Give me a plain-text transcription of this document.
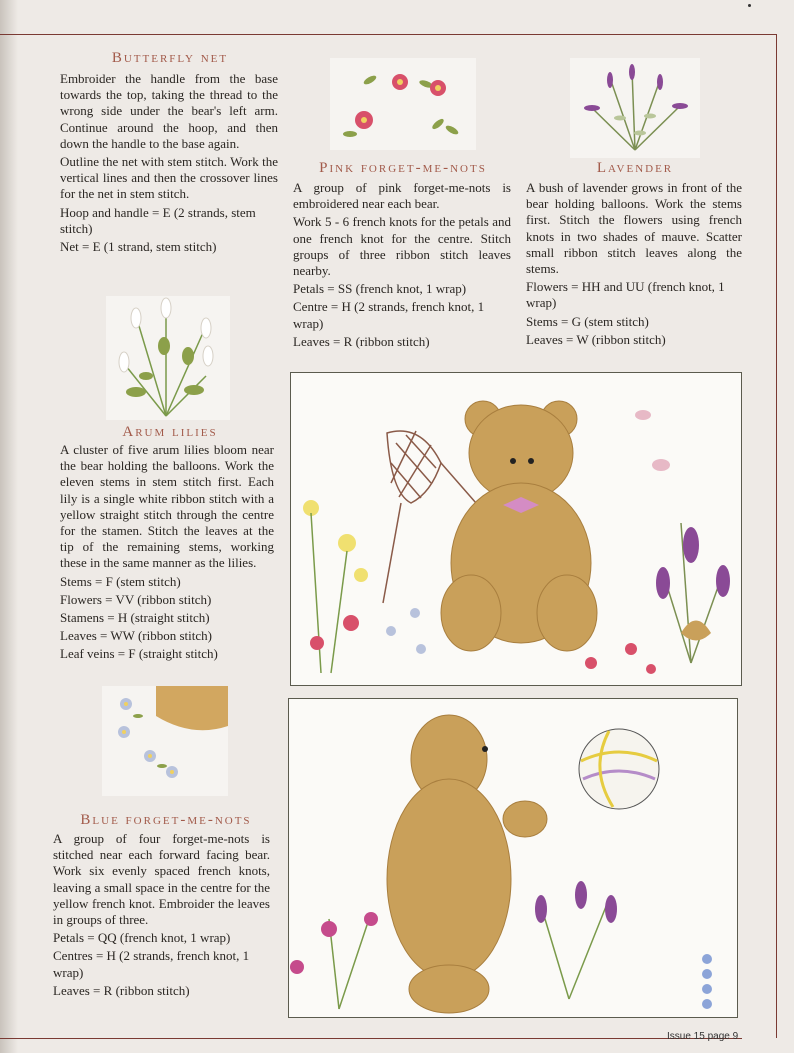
Butterfly net

Embroider the handle from the base towards the top, taking the thread to the wrong side under the bear's left arm. Continue around the hoop, and then down the handle to the base again.

Outline the net with stem stitch. Work the vertical lines and then the crossover lines for the net in stem stitch.

Hoop and handle = E (2 strands, stem stitch)

Net = E (1 strand, stem stitch)

Pink forget-me-nots

A group of pink forget-me-nots is embroidered near each bear.

Work 5 - 6 french knots for the petals and one french knot for the centre. Stitch groups of three ribbon stitch leaves nearby.

Petals = SS (french knot, 1 wrap)

Centre = H (2 strands, french knot, 1 wrap)

Leaves = R (ribbon stitch)

Lavender

A bush of lavender grows in front of the bear holding balloons. Work the stems first. Stitch the flowers using french knots in two shades of mauve. Scatter small ribbon stitch leaves along the stems.

Flowers = HH and UU (french knot, 1 wrap)

Stems = G (stem stitch)

Leaves = W (ribbon stitch)

Arum lilies

A cluster of five arum lilies bloom near the bear holding the balloons. Work the eleven stems in stem stitch first. Each lily is a single white ribbon stitch with a yellow straight stitch through the centre for the stamen. Stitch the leaves at the tip of the remaining stems, working these in the same manner as the lilies.

Stems = F (stem stitch)

Flowers = VV (ribbon stitch)

Stamens = H (straight stitch)

Leaves = WW (ribbon stitch)

Leaf veins = F (straight stitch)

Blue forget-me-nots

A group of four forget-me-nots is stitched near each forward facing bear. Work six evenly spaced french knots, leaving a small space in the centre for the yellow french knot. Embroider the leaves in groups of three.

Petals = QQ (french knot, 1 wrap)

Centres = H (2 strands, french knot, 1 wrap)

Leaves = R (ribbon stitch)

Issue 15 page 9
